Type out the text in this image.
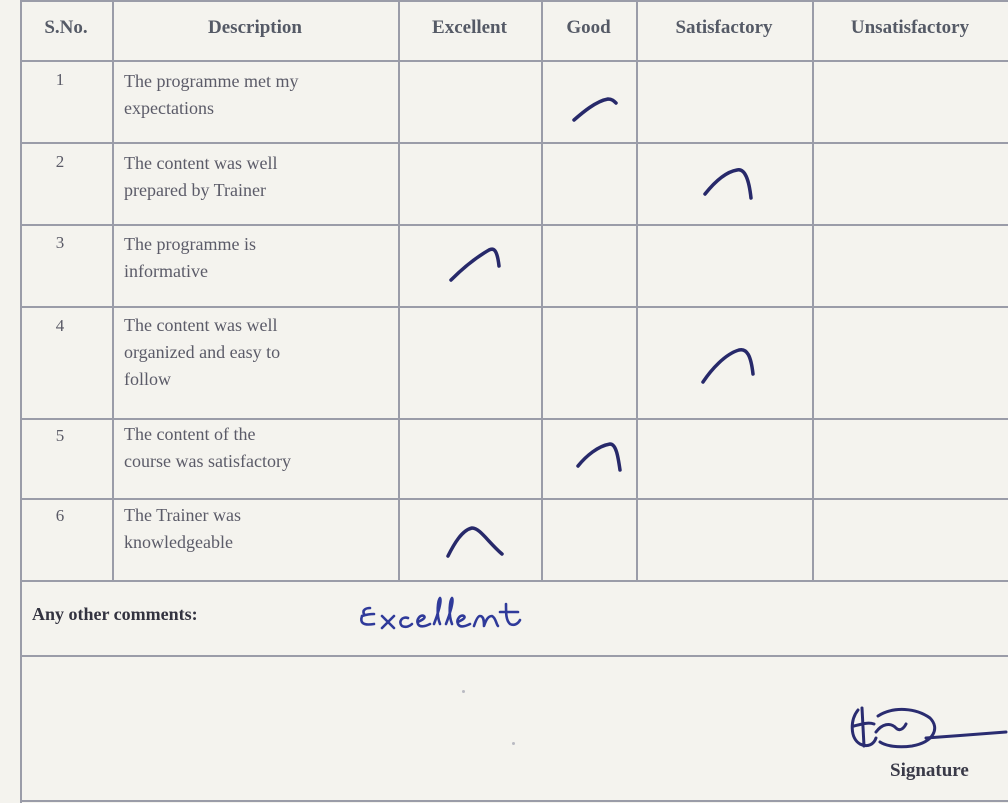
S.No.	Description	Excellent	Good	Satisfactory	Unsatisfactory
1	The programme met my
expectations
2	The content was well
prepared by Trainer
3	The programme is
informative
4	The content was well
organized and easy to
follow
5	The content of the
course was satisfactory
6	The Trainer was
knowledgeable
Any other comments:
Signature
